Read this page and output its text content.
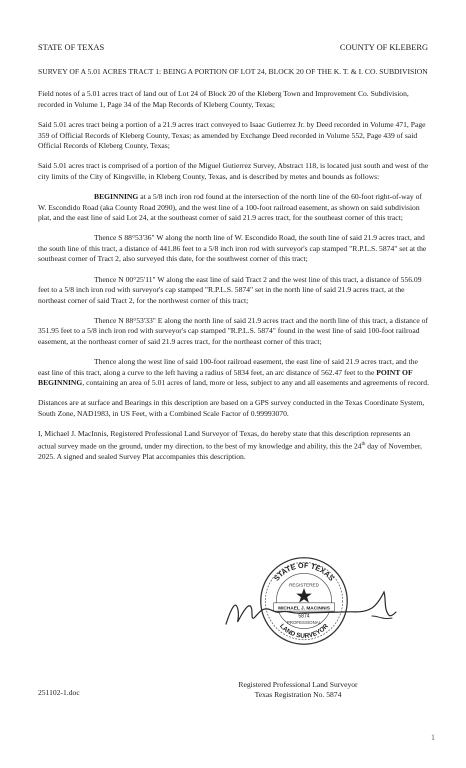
STATE OF TEXAS	COUNTY OF KLEBERG

SURVEY OF A 5.01 ACRES TRACT 1: BEING A PORTION OF LOT 24, BLOCK 20 OF THE K. T. & I. CO. SUBDIVISION

Field notes of a 5.01 acres tract of land out of Lot 24 of Block 20 of the Kleberg Town and Improvement Co. Subdivision, recorded in Volume 1, Page 34 of the Map Records of Kleberg County, Texas;

Said 5.01 acres tract being a portion of a 21.9 acres tract conveyed to Isaac Gutierrez Jr. by Deed recorded in Volume 471, Page 359 of Official Records of Kleberg County, Texas; as amended by Exchange Deed recorded in Volume 552, Page 439 of said Official Records of Kleberg County, Texas;

Said 5.01 acres tract is comprised of a portion of the Miguel Gutierrez Survey, Abstract 118, is located just south and west of the city limits of the City of Kingsville, in Kleberg County, Texas, and is described by metes and bounds as follows:

BEGINNING at a 5/8 inch iron rod found at the intersection of the north line of the 60-foot right-of-way of W. Escondido Road (aka County Road 2090), and the west line of a 100-foot railroad easement, as shown on said subdivision plat, and the east line of said Lot 24, at the southeast corner of said 21.9 acres tract, for the southeast corner of this tract;

Thence S 88°53'36" W along the north line of W. Escondido Road, the south line of said 21.9 acres tract, and the south line of this tract, a distance of 441.86 feet to a 5/8 inch iron rod with surveyor's cap stamped "R.P.L.S. 5874" set at the southeast corner of Tract 2, also surveyed this date, for the southwest corner of this tract;

Thence N 00°25'11" W along the east line of said Tract 2 and the west line of this tract, a distance of 556.09 feet to a 5/8 inch iron rod with surveyor's cap stamped "R.P.L.S. 5874" set in the north line of said 21.9 acres tract, at the northeast corner of said Tract 2, for the northwest corner of this tract;

Thence N 88°53'33" E along the north line of said 21.9 acres tract and the north line of this tract, a distance of 351.95 feet to a 5/8 inch iron rod with surveyor's cap stamped "R.P.L.S. 5874" found in the west line of said 100-foot railroad easement, at the northeast corner of said 21.9 acres tract, for the northeast corner of this tract;

Thence along the west line of said 100-foot railroad easement, the east line of said 21.9 acres tract, and the east line of this tract, along a curve to the left having a radius of 5834 feet, an arc distance of 562.47 feet to the POINT OF BEGINNING, containing an area of 5.01 acres of land, more or less, subject to any and all easements and agreements of record.

Distances are at surface and Bearings in this description are based on a GPS survey conducted in the Texas Coordinate System, South Zone, NAD1983, in US Feet, with a Combined Scale Factor of 0.99993070.

I, Michael J. MacInnis, Registered Professional Land Surveyor of Texas, do hereby state that this description represents an actual survey made on the ground, under my direction, to the best of my knowledge and ability, this the 24th day of November, 2025. A signed and sealed Survey Plat accompanies this description.

STATE OF TEXAS
LAND SURVEYOR
REGISTERED
MICHAEL J. MACINNIS
5874
PROFESSIONAL
Registered Professional Land Surveyor
Texas Registration No. 5874
251102-1.doc
1
